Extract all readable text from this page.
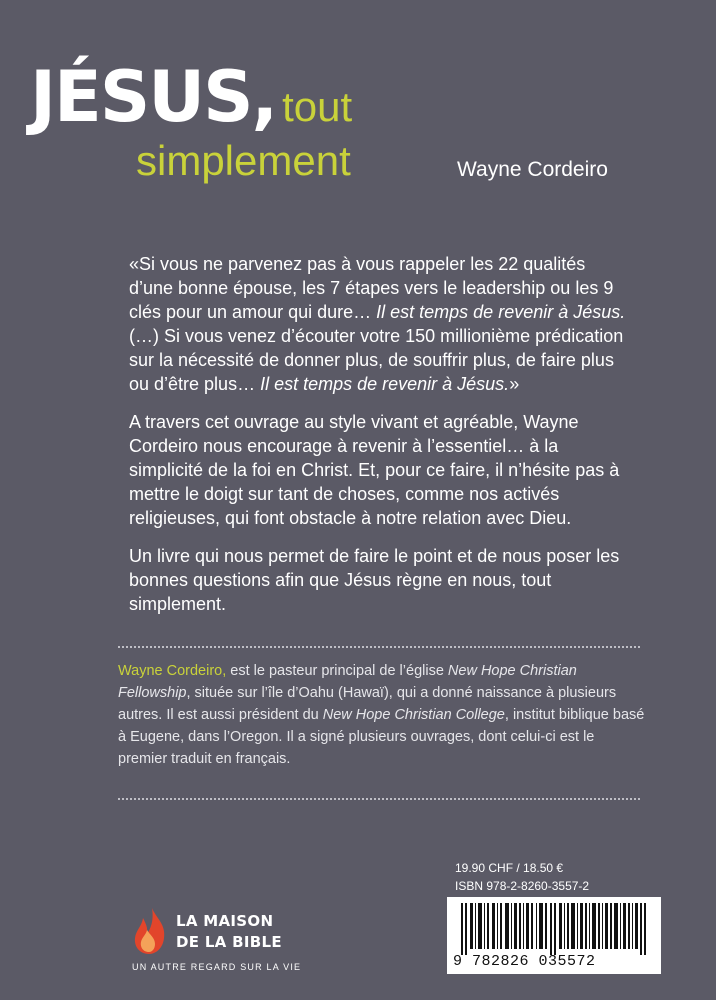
JÉSUS,tout
simplement	Wayne Cordeiro

«Si vous ne parvenez pas à vous rappeler les 22 qualités d’une bonne épouse, les 7 étapes vers le leadership ou les 9 clés pour un amour qui dure… Il est temps de revenir à Jésus. (…) Si vous venez d’écouter votre 150 millionième prédication sur la nécessité de donner plus, de souffrir plus, de faire plus ou d’être plus… Il est temps de revenir à Jésus.»

A travers cet ouvrage au style vivant et agréable, Wayne Cordeiro nous encourage à revenir à l’essentiel… à la simplicité de la foi en Christ. Et, pour ce faire, il n’hésite pas à mettre le doigt sur tant de choses, comme nos activés religieuses, qui font obstacle à notre relation avec Dieu.

Un livre qui nous permet de faire le point et de nous poser les bonnes questions afin que Jésus règne en nous, tout simplement.

Wayne Cordeiro, est le pasteur principal de l’église New Hope Christian Fellowship, située sur l’île d’Oahu (Hawaï), qui a donné naissance à plusieurs autres. Il est aussi président du New Hope Christian College, institut biblique basé à Eugene, dans l’Oregon. Il a signé plusieurs ouvrages, dont celui-ci est le premier traduit en français.
19.90 CHF / 18.50 €
ISBN 978-2-8260-3557-2
9 782826 035572
LA MAISON
DE LA BIBLE
UN AUTRE REGARD SUR LA VIE
